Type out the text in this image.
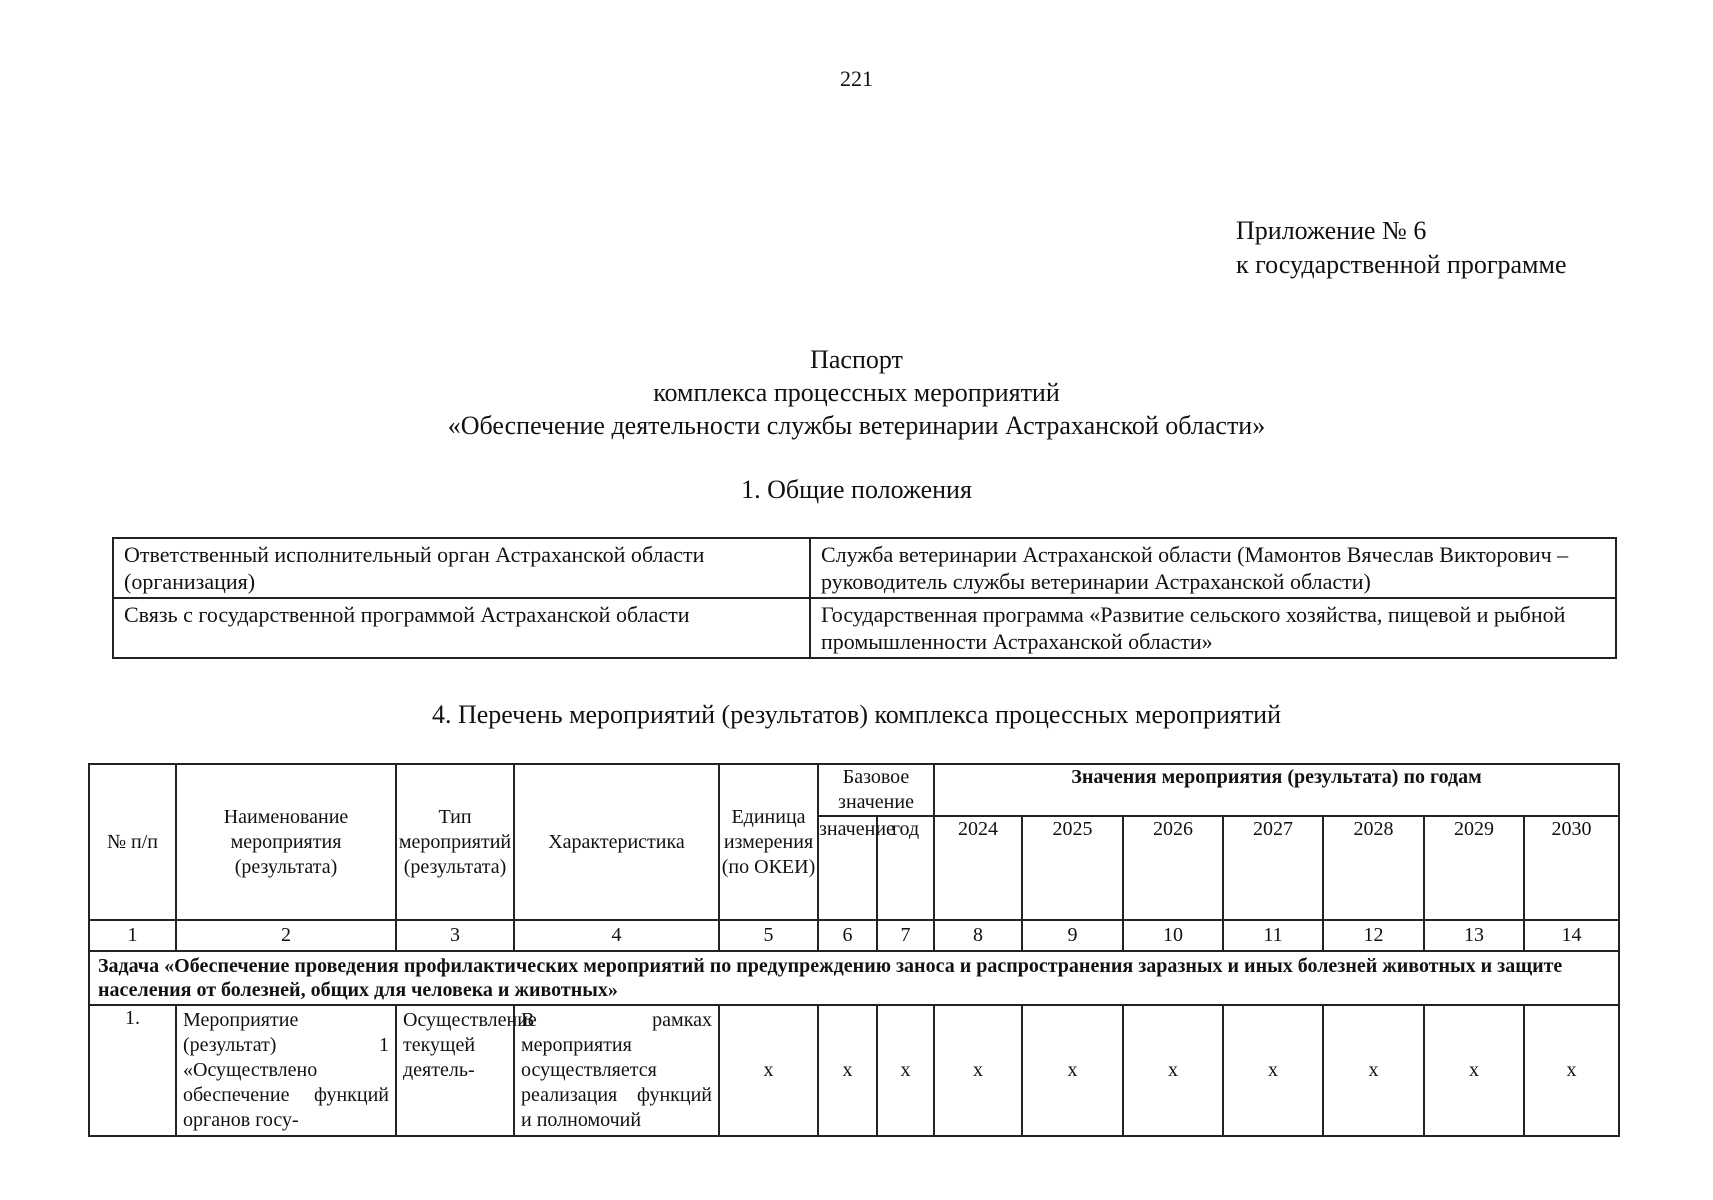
221
Приложение № 6
к государственной программе
Паспорт
комплекса процессных мероприятий
«Обеспечение деятельности службы ветеринарии Астраханской области»
1. Общие положения
Ответственный исполнительный орган Астраханской области (организация)	Служба ветеринарии Астраханской области (Мамонтов Вячеслав Викторович – руководитель службы ветеринарии Астраханской области)
Связь с государственной программой Астраханской области	Государственная программа «Развитие сельского хозяйства, пищевой и рыбной промышленности Астраханской области»
4. Перечень мероприятий (результатов) комплекса процессных мероприятий
№ п/п	Наименование мероприятия (результата)	Тип мероприятий (результата)	Характеристика	Единица измерения (по ОКЕИ)	Базовое значение		Значения мероприятия (результата) по годам						
					значение	год	2024	2025	2026	2027	2028	2029	2030
1	2	3	4	5	6	7	8	9	10	11	12	13	14
Задача «Обеспечение проведения профилактических мероприятий по предупреждению заноса и распространения заразных и иных болезней животных и защите населения от болезней, общих для человека и животных»													
1.	Мероприятие (результат) 1 «Осуществлено обеспечение функций органов госу-	Осуществление текущей деятель-	В рамках мероприятия осуществляется реализация функций и полномочий	х	х	х	х	х	х	х	х	х	х
